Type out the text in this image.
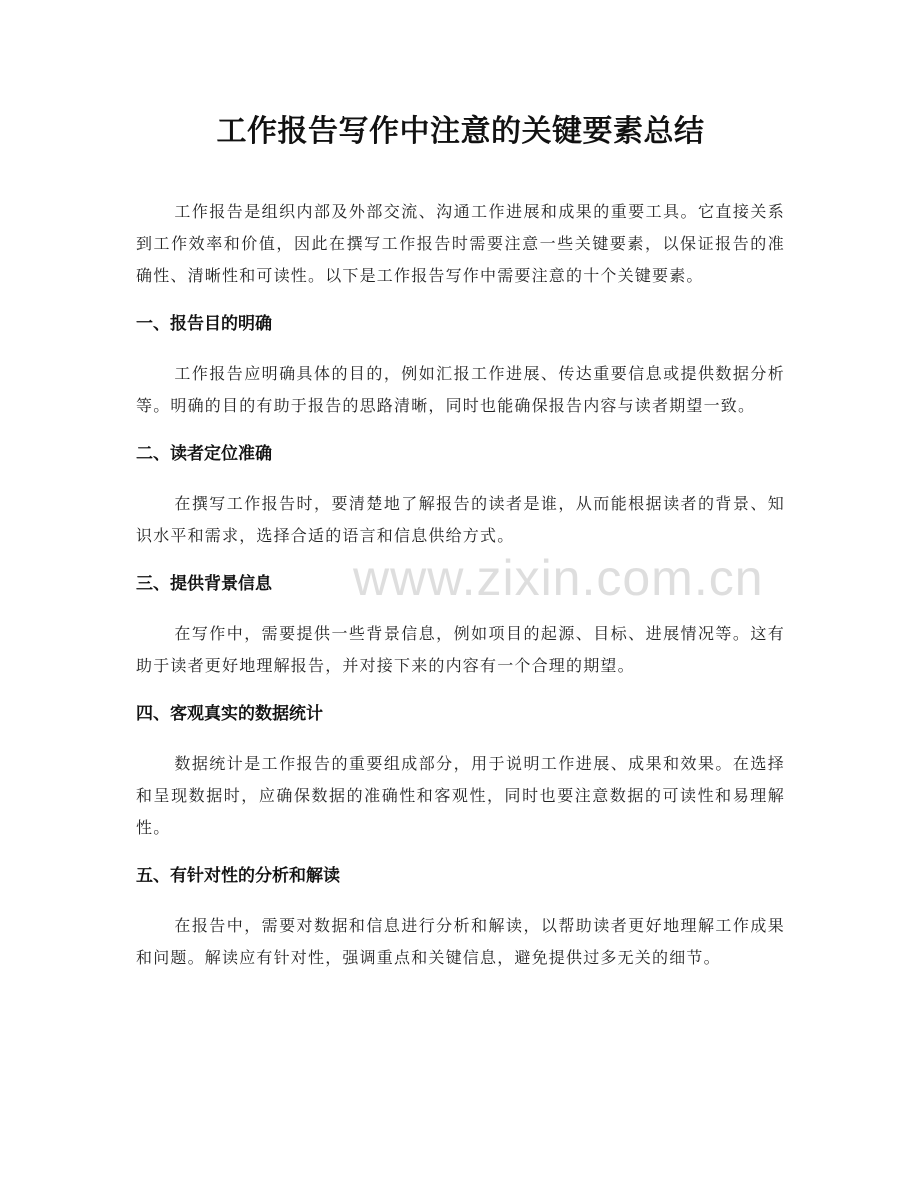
工作报告写作中注意的关键要素总结

工作报告是组织内部及外部交流、沟通工作进展和成果的重要工具。它直接关系到工作效率和价值，因此在撰写工作报告时需要注意一些关键要素，以保证报告的准确性、清晰性和可读性。以下是工作报告写作中需要注意的十个关键要素。

一、报告目的明确

工作报告应明确具体的目的，例如汇报工作进展、传达重要信息或提供数据分析等。明确的目的有助于报告的思路清晰，同时也能确保报告内容与读者期望一致。

二、读者定位准确

在撰写工作报告时，要清楚地了解报告的读者是谁，从而能根据读者的背景、知识水平和需求，选择合适的语言和信息供给方式。

三、提供背景信息

在写作中，需要提供一些背景信息，例如项目的起源、目标、进展情况等。这有助于读者更好地理解报告，并对接下来的内容有一个合理的期望。

四、客观真实的数据统计

数据统计是工作报告的重要组成部分，用于说明工作进展、成果和效果。在选择和呈现数据时，应确保数据的准确性和客观性，同时也要注意数据的可读性和易理解性。

五、有针对性的分析和解读

在报告中，需要对数据和信息进行分析和解读，以帮助读者更好地理解工作成果和问题。解读应有针对性，强调重点和关键信息，避免提供过多无关的细节。

www.zixin.com.cn
